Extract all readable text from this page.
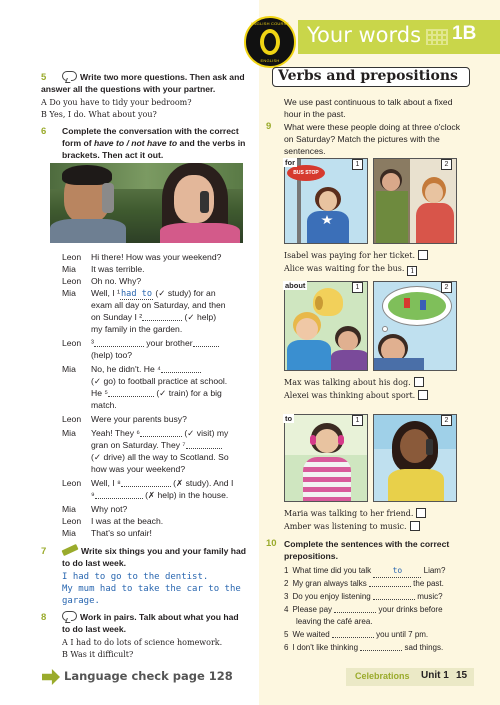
ENGLISH COURSE
ENGLISH
Your words 1B
5	Write two more questions. Then ask and
answer all the questions with your partner.
A Do you have to tidy your bedroom?
B Yes, I do. What about you?
6 Complete the conversation with the correct
form of have to / not have to and the verbs in
brackets. Then act it out.
Leon Hi there! How was your weekend?
Mia It was terrible.
Leon Oh no. Why?
Mia Well, I ¹had to (✓ study) for an
exam all day on Saturday, and then
on Sunday I ²	(✓ help)
my family in the garden.
Leon ³	your brother
(help) too?
Mia No, he didn't. He ⁴
(✓ go) to football practice at school.
He ⁵	(✓ train) for a big
match.
Leon Were your parents busy?
Mia Yeah! They ⁶	(✓ visit) my
gran on Saturday. They ⁷
(✓ drive) all the way to Scotland. So
how was your weekend?
Leon Well, I ⁸	(✗ study). And I
⁹	(✗ help) in the house.
Mia Why not?
Leon I was at the beach.
Mia That's so unfair!
7	Write six things you and your family had
to do last week.
I had to go to the dentist.
My mum had to take the car to the
garage.
8	Work in pairs. Talk about what you had
to do last week.
A I had to do lots of science homework.
B Was it difficult?
Verbs and prepositions
We use past continuous to talk about a fixed
hour in the past.
9 What were these people doing at three o'clock
on Saturday? Match the pictures with the
sentences.
BUS STOP
1
for	2
Isabel was paying for her ticket.
Alice was waiting for the bus. 1
1
about	2
Max was talking about his dog.
Alexei was thinking about sport.
1
to	2
Maria was talking to her friend.
Amber was listening to music.
10 Complete the sentences with the correct
prepositions.
1 What time did you talk	to	Liam?
2 My gran always talks	the past.
3 Do you enjoy listening	music?
4 Please pay	your drinks before
leaving the café area.
5 We waited	you until 7 pm.
6 I don't like thinking	sad things.
Language check page 128	Celebrations Unit 1 15
